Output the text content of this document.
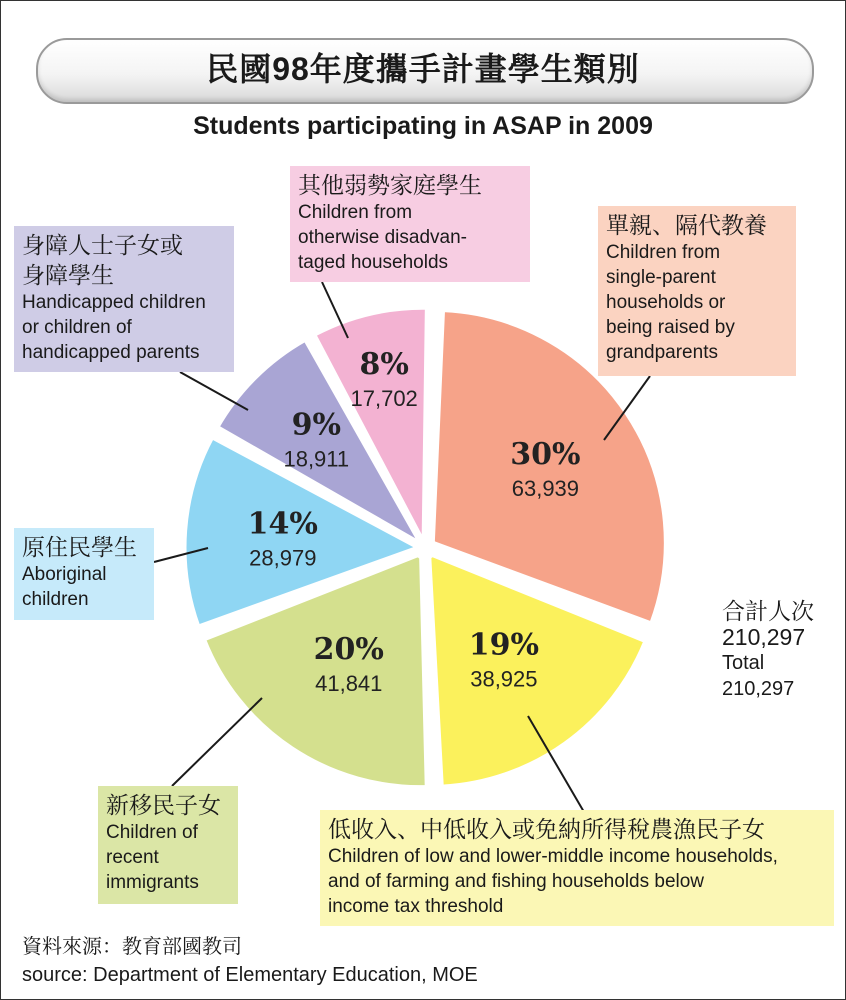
民國98年度攜手計畫學生類別
Students participating in ASAP in 2009
8%
17,702
30%
63,939
19%
38,925
20%
41,841
14%
28,979
9%
18,911
其他弱勢家庭學生
Children from
otherwise disadvan-
taged households
身障人士子女或
身障學生
Handicapped children
or children of
handicapped parents
單親、隔代教養
Children from
single-parent
households or
being raised by
grandparents
原住民學生
Aboriginal
children
新移民子女
Children of
recent
immigrants
低收入、中低收入或免納所得稅農漁民子女
Children of low and lower-middle income households,
and of farming and fishing households below
income tax threshold
合計人次
210,297
Total
210,297
資料來源：教育部國教司
source: Department of Elementary Education, MOE
